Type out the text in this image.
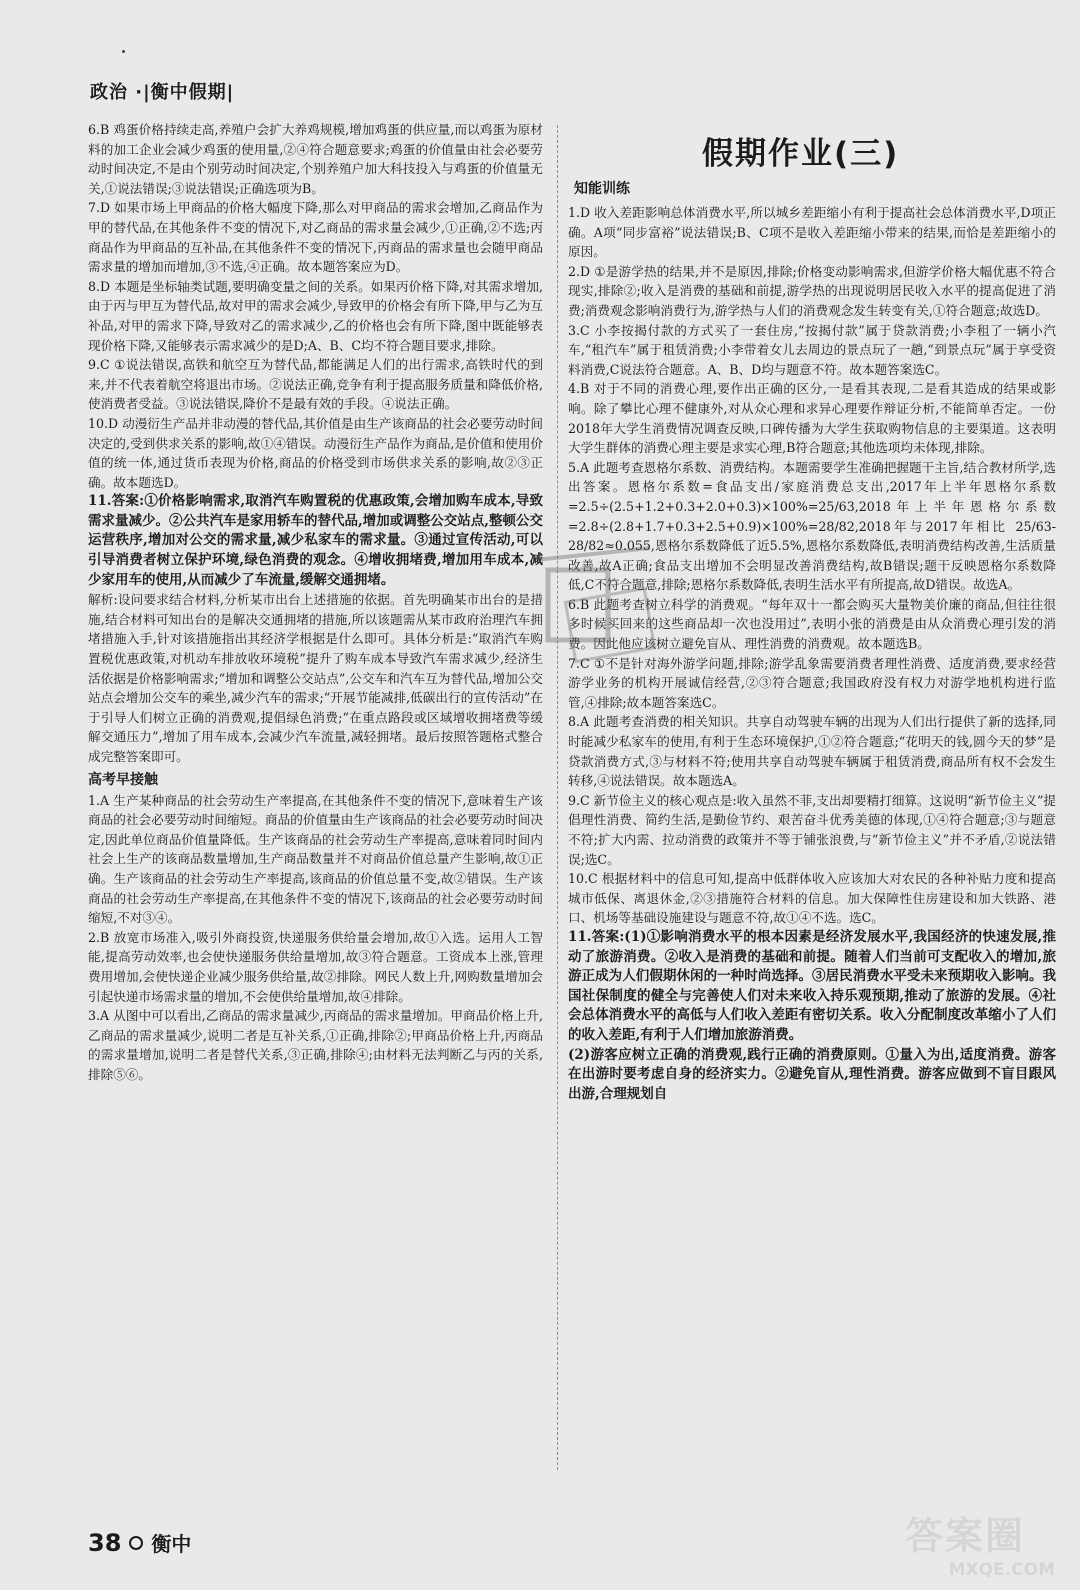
政治 ·|衡中假期|

6.B 鸡蛋价格持续走高,养殖户会扩大养鸡规模,增加鸡蛋的供应量,而以鸡蛋为原材料的加工企业会减少鸡蛋的使用量,②④符合题意要求;鸡蛋的价值量由社会必要劳动时间决定,不是由个别劳动时间决定,个别养殖户加大科技投入与鸡蛋的价值量无关,①说法错误;③说法错误;正确选项为B。

7.D 如果市场上甲商品的价格大幅度下降,那么对甲商品的需求会增加,乙商品作为甲的替代品,在其他条件不变的情况下,对乙商品的需求量会减少,①正确,②不选;丙商品作为甲商品的互补品,在其他条件不变的情况下,丙商品的需求量也会随甲商品需求量的增加而增加,③不选,④正确。故本题答案应为D。

8.D 本题是坐标轴类试题,要明确变量之间的关系。如果丙价格下降,对其需求增加,由于丙与甲互为替代品,故对甲的需求会减少,导致甲的价格会有所下降,甲与乙为互补品,对甲的需求下降,导致对乙的需求减少,乙的价格也会有所下降,图中既能够表现价格下降,又能够表示需求减少的是D;A、B、C均不符合题目要求,排除。

9.C ①说法错误,高铁和航空互为替代品,都能满足人们的出行需求,高铁时代的到来,并不代表着航空将退出市场。②说法正确,竞争有利于提高服务质量和降低价格,使消费者受益。③说法错误,降价不是最有效的手段。④说法正确。

10.D 动漫衍生产品并非动漫的替代品,其价值是由生产该商品的社会必要劳动时间决定的,受到供求关系的影响,故①④错误。动漫衍生产品作为商品,是价值和使用价值的统一体,通过货币表现为价格,商品的价格受到市场供求关系的影响,故②③正确。故本题选D。

11.答案:①价格影响需求,取消汽车购置税的优惠政策,会增加购车成本,导致需求量减少。②公共汽车是家用轿车的替代品,增加或调整公交站点,整顿公交运营秩序,增加对公交的需求量,减少私家车的需求量。③通过宣传活动,可以引导消费者树立保护环境,绿色消费的观念。④增收拥堵费,增加用车成本,减少家用车的使用,从而减少了车流量,缓解交通拥堵。

解析:设问要求结合材料,分析某市出台上述措施的依据。首先明确某市出台的是措施,结合材料可知出台的是解决交通拥堵的措施,所以该题需从某市政府治理汽车拥堵措施入手,针对该措施指出其经济学根据是什么即可。具体分析是:“取消汽车购置税优惠政策,对机动车排放收环境税”提升了购车成本导致汽车需求减少,经济生活依据是价格影响需求;“增加和调整公交站点”,公交车和汽车互为替代品,增加公交站点会增加公交车的乘坐,减少汽车的需求;“开展节能减排,低碳出行的宣传活动”在于引导人们树立正确的消费观,提倡绿色消费;“在重点路段或区域增收拥堵费等缓解交通压力”,增加了用车成本,会减少汽车流量,减轻拥堵。最后按照答题格式整合成完整答案即可。

高考早接触

1.A 生产某种商品的社会劳动生产率提高,在其他条件不变的情况下,意味着生产该商品的社会必要劳动时间缩短。商品的价值量由生产该商品的社会必要劳动时间决定,因此单位商品价值量降低。生产该商品的社会劳动生产率提高,意味着同时间内社会上生产的该商品数量增加,生产商品数量并不对商品价值总量产生影响,故①正确。生产该商品的社会劳动生产率提高,该商品的价值总量不变,故②错误。生产该商品的社会劳动生产率提高,在其他条件不变的情况下,该商品的社会必要劳动时间缩短,不对③④。

2.B 放宽市场准入,吸引外商投资,快递服务供给量会增加,故①入选。运用人工智能,提高劳动效率,也会使快递服务供给量增加,故③符合题意。工资成本上涨,管理费用增加,会使快递企业减少服务供给量,故②排除。网民人数上升,网购数量增加会引起快递市场需求量的增加,不会使供给量增加,故④排除。

3.A 从图中可以看出,乙商品的需求量减少,丙商品的需求量增加。甲商品价格上升,乙商品的需求量减少,说明二者是互补关系,①正确,排除②;甲商品价格上升,丙商品的需求量增加,说明二者是替代关系,③正确,排除④;由材料无法判断乙与丙的关系,排除⑤⑥。

假期作业(三)
知能训练

1.D 收入差距影响总体消费水平,所以城乡差距缩小有利于提高社会总体消费水平,D项正确。A项“同步富裕”说法错误;B、C项不是收入差距缩小带来的结果,而恰是差距缩小的原因。

2.D ①是游学热的结果,并不是原因,排除;价格变动影响需求,但游学价格大幅优惠不符合现实,排除②;收入是消费的基础和前提,游学热的出现说明居民收入水平的提高促进了消费;消费观念影响消费行为,游学热与人们的消费观念发生转变有关,①符合题意;故选D。

3.C 小李按揭付款的方式买了一套住房,“按揭付款”属于贷款消费;小李租了一辆小汽车,“租汽车”属于租赁消费;小李带着女儿去周边的景点玩了一趟,“到景点玩”属于享受资料消费,C说法符合题意。A、B、D均与题意不符。故本题答案选C。

4.B 对于不同的消费心理,要作出正确的区分,一是看其表现,二是看其造成的结果或影响。除了攀比心理不健康外,对从众心理和求异心理要作辩证分析,不能简单否定。一份2018年大学生消费情况调查反映,口碑传播为大学生获取购物信息的主要渠道。这表明大学生群体的消费心理主要是求实心理,B符合题意;其他选项均未体现,排除。

5.A 此题考查恩格尔系数、消费结构。本题需要学生准确把握题干主旨,结合教材所学,选出答案。恩格尔系数=食品支出/家庭消费总支出,2017年上半年恩格尔系数=2.5÷(2.5+1.2+0.3+2.0+0.3)×100%=25/63,2018年上半年恩格尔系数=2.8÷(2.8+1.7+0.3+2.5+0.9)×100%=28/82,2018年与2017年相比 25/63-28/82≈0.055,恩格尔系数降低了近5.5%,恩格尔系数降低,表明消费结构改善,生活质量改善,故A正确;食品支出增加不会明显改善消费结构,故B错误;题干反映恩格尔系数降低,C不符合题意,排除;恩格尔系数降低,表明生活水平有所提高,故D错误。故选A。

6.B 此题考查树立科学的消费观。“每年双十一都会购买大量物美价廉的商品,但往往很多时候买回来的这些商品却一次也没用过”,表明小张的消费是由从众消费心理引发的消费。因此他应该树立避免盲从、理性消费的消费观。故本题选B。

7.C ①不是针对海外游学问题,排除;游学乱象需要消费者理性消费、适度消费,要求经营游学业务的机构开展诚信经营,②③符合题意;我国政府没有权力对游学地机构进行监管,④排除;故本题答案选C。

8.A 此题考查消费的相关知识。共享自动驾驶车辆的出现为人们出行提供了新的选择,同时能减少私家车的使用,有利于生态环境保护,①②符合题意;“花明天的钱,圆今天的梦”是贷款消费方式,③与材料不符;使用共享自动驾驶车辆属于租赁消费,商品所有权不会发生转移,④说法错误。故本题选A。

9.C 新节俭主义的核心观点是:收入虽然不菲,支出却要精打细算。这说明“新节俭主义”提倡理性消费、简约生活,是勤俭节约、艰苦奋斗优秀美德的体现,①④符合题意;③与题意不符;扩大内需、拉动消费的政策并不等于铺张浪费,与“新节俭主义”并不矛盾,②说法错误;选C。

10.C 根据材料中的信息可知,提高中低群体收入应该加大对农民的各种补贴力度和提高城市低保、离退休金,②③措施符合材料的信息。加大保障性住房建设和加大铁路、港口、机场等基础设施建设与题意不符,故①④不选。选C。

11.答案:(1)①影响消费水平的根本因素是经济发展水平,我国经济的快速发展,推动了旅游消费。②收入是消费的基础和前提。随着人们当前可支配收入的增加,旅游正成为人们假期休闲的一种时尚选择。③居民消费水平受未来预期收入影响。我国社保制度的健全与完善使人们对未来收入持乐观预期,推动了旅游的发展。④社会总体消费水平的高低与人们收入差距有密切关系。收入分配制度改革缩小了人们的收入差距,有利于人们增加旅游消费。

(2)游客应树立正确的消费观,践行正确的消费原则。①量入为出,适度消费。游客在出游时要考虑自身的经济实力。②避免盲从,理性消费。游客应做到不盲目跟风出游,合理规划自

38 衡中	答案圈
MXQE.COM
